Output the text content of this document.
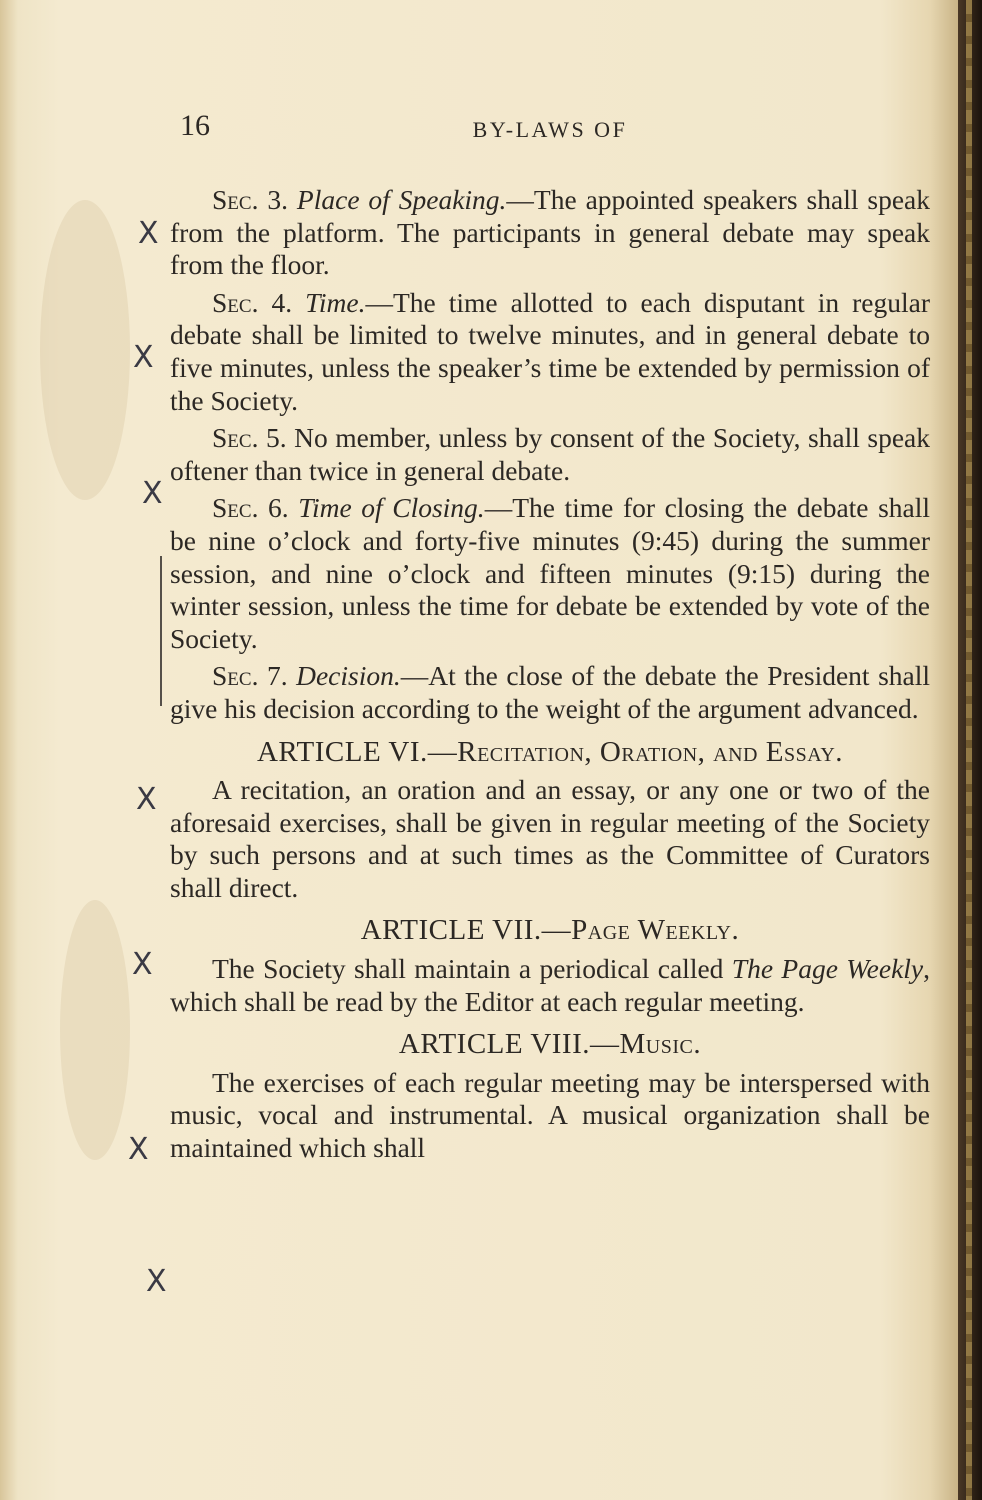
X
X
X
X
X
X
X
16	BY-LAWS OF

Sec. 3. Place of Speaking.—The appointed speakers shall speak from the platform. The participants in general debate may speak from the floor.

Sec. 4. Time.—The time allotted to each disputant in regular debate shall be limited to twelve minutes, and in general debate to five minutes, unless the speaker’s time be extended by permission of the Society.

Sec. 5. No member, unless by consent of the Society, shall speak oftener than twice in general debate.

Sec. 6. Time of Closing.—The time for closing the debate shall be nine o’clock and forty-five minutes (9:45) during the summer session, and nine o’clock and fifteen minutes (9:15) during the winter session, unless the time for debate be extended by vote of the Society.

Sec. 7. Decision.—At the close of the debate the President shall give his decision according to the weight of the argument advanced.

ARTICLE VI.—Recitation, Oration, and Essay.

A recitation, an oration and an essay, or any one or two of the aforesaid exercises, shall be given in regular meeting of the Society by such persons and at such times as the Committee of Curators shall direct.

ARTICLE VII.—Page Weekly.

The Society shall maintain a periodical called The Page Weekly, which shall be read by the Editor at each regular meeting.

ARTICLE VIII.—Music.

The exercises of each regular meeting may be interspersed with music, vocal and instrumental. A musical organization shall be maintained which shall
